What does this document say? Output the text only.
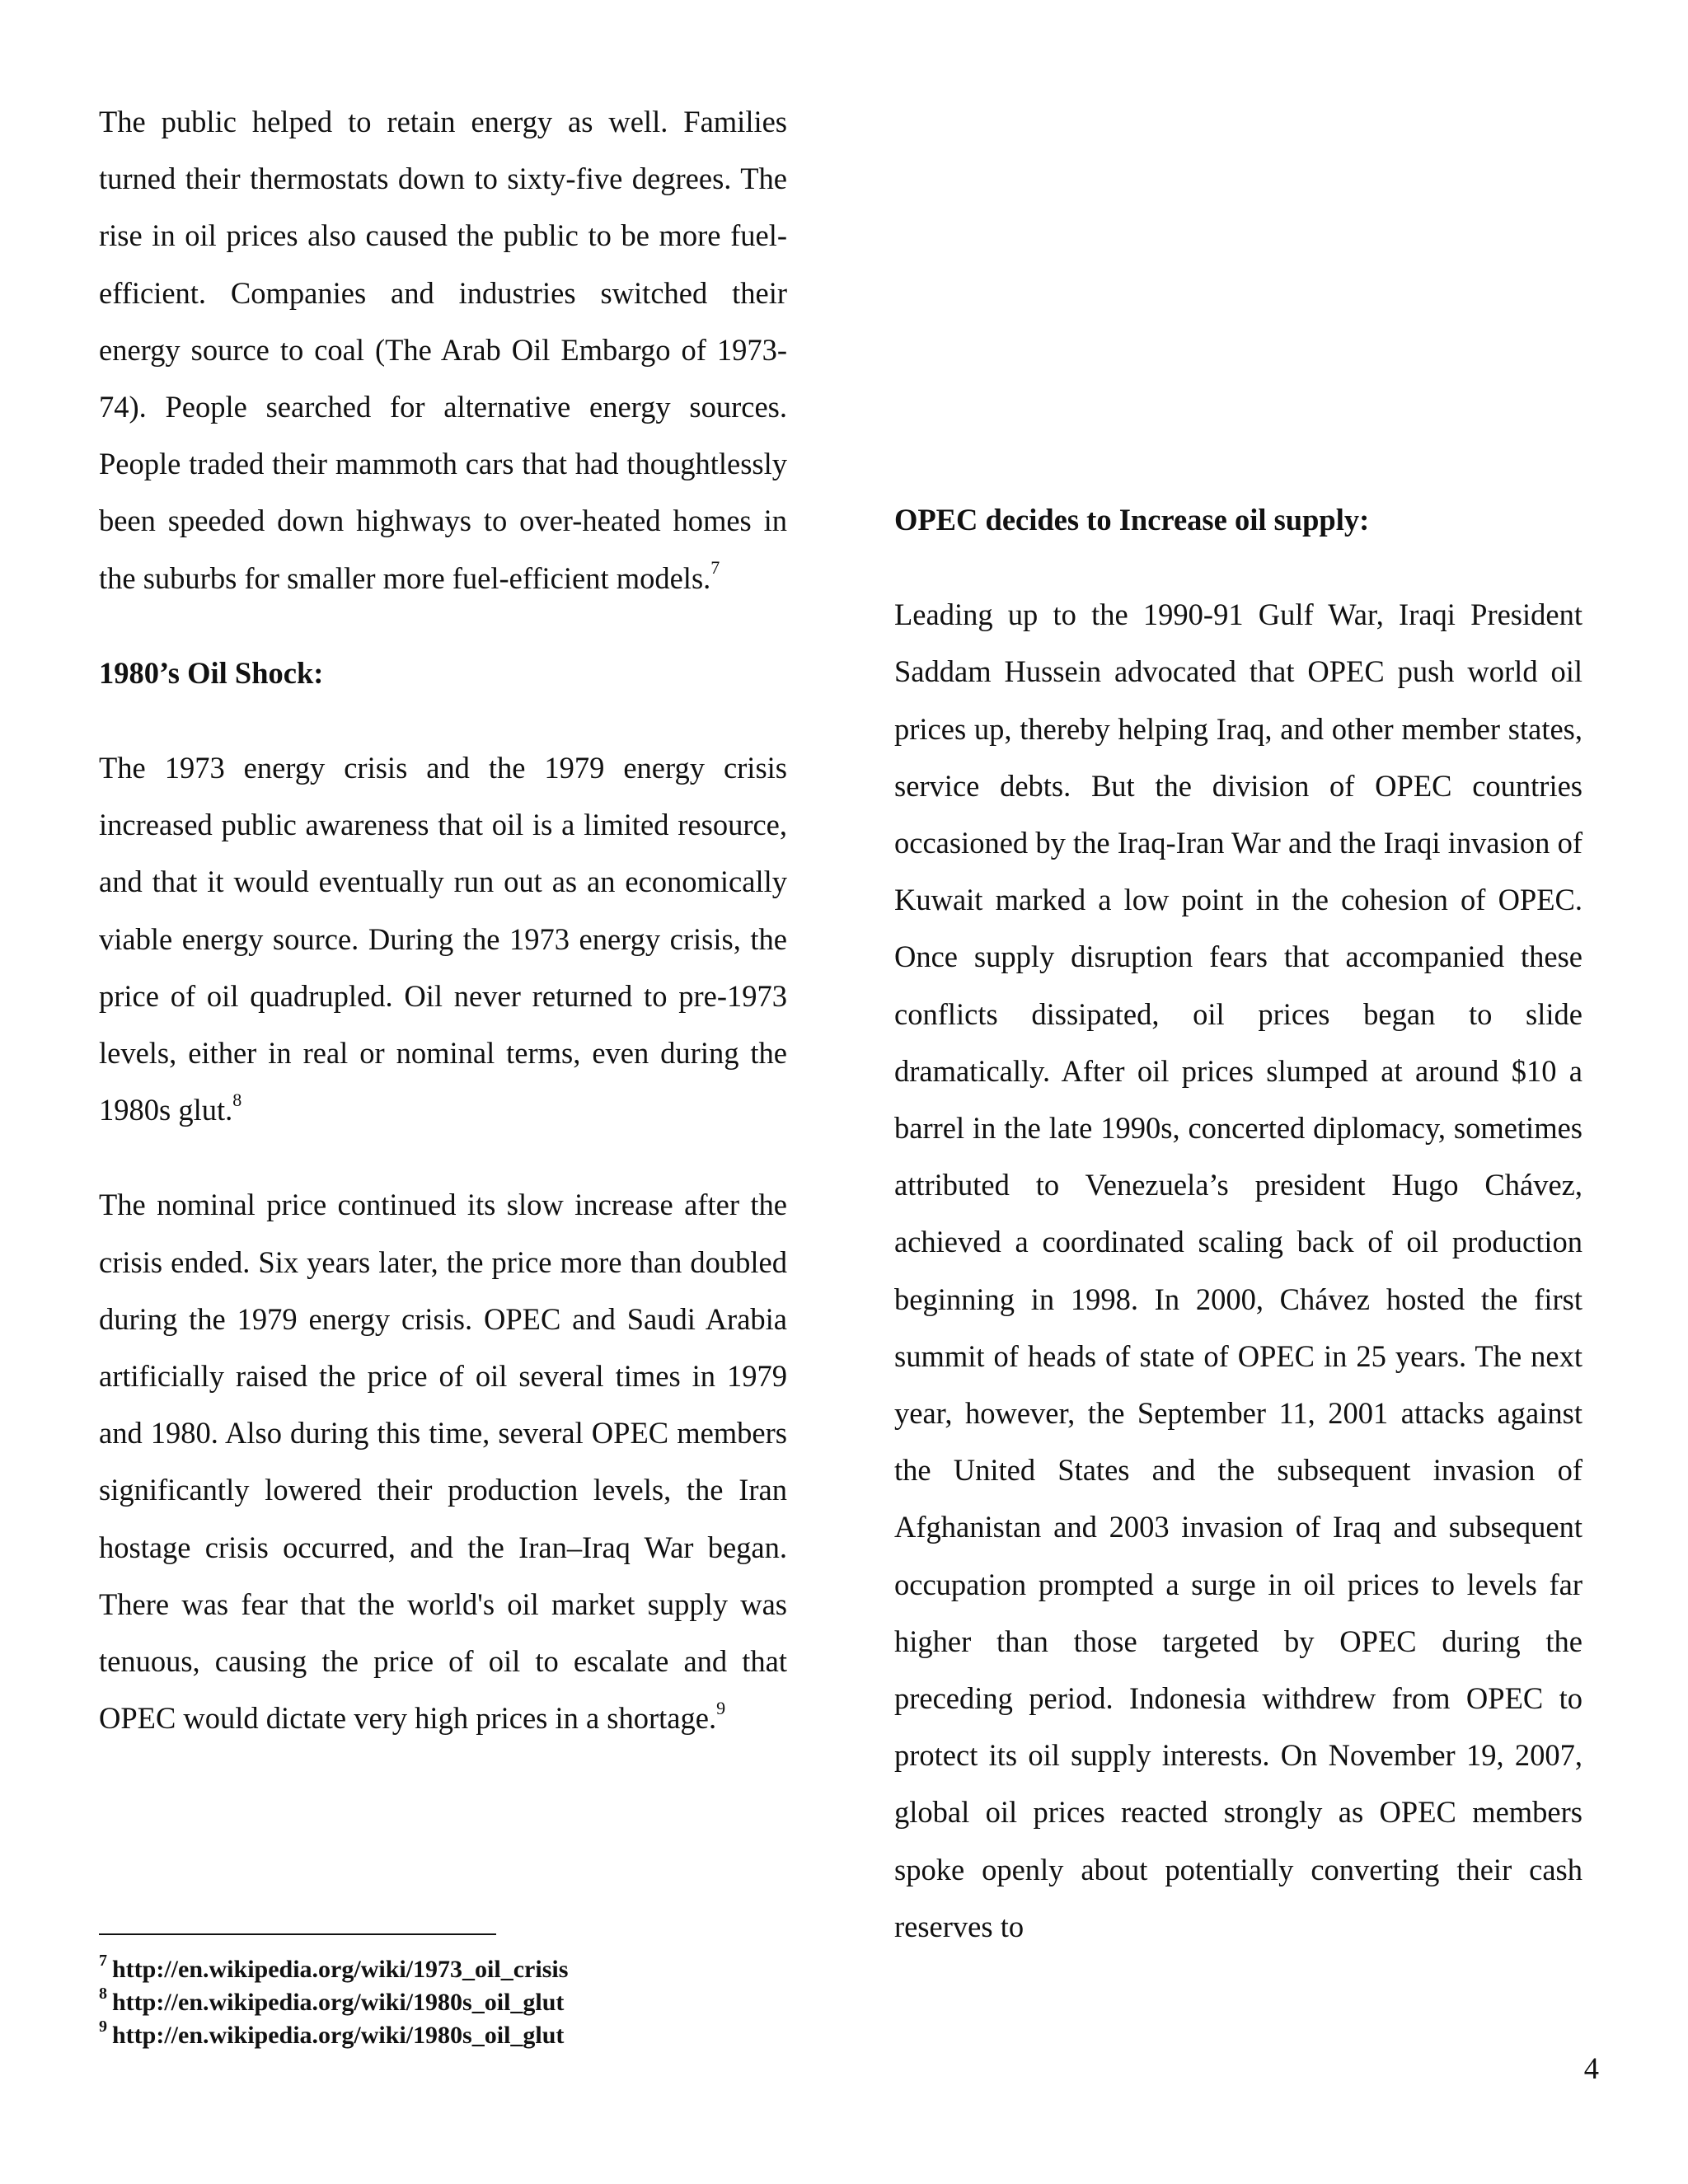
The public helped to retain energy as well. Families turned their thermostats down to sixty-five degrees. The rise in oil prices also caused the public to be more fuel-efficient. Companies and industries switched their energy source to coal (The Arab Oil Embargo of 1973-74). People searched for alternative energy sources. People traded their mammoth cars that had thoughtlessly been speeded down highways to over-heated homes in the suburbs for smaller more fuel-efficient models.$^7$

1980’s Oil Shock:

The 1973 energy crisis and the 1979 energy crisis increased public awareness that oil is a limited resource, and that it would eventually run out as an economically viable energy source. During the 1973 energy crisis, the price of oil quadrupled. Oil never returned to pre-1973 levels, either in real or nominal terms, even during the 1980s glut.$^8$

The nominal price continued its slow increase after the crisis ended. Six years later, the price more than doubled during the 1979 energy crisis. OPEC and Saudi Arabia artificially raised the price of oil several times in 1979 and 1980. Also during this time, several OPEC members significantly lowered their production levels, the Iran hostage crisis occurred, and the Iran–Iraq War began. There was fear that the world's oil market supply was tenuous, causing the price of oil to escalate and that OPEC would dictate very high prices in a shortage.$^9$

OPEC decides to Increase oil supply:

Leading up to the 1990-91 Gulf War, Iraqi President Saddam Hussein advocated that OPEC push world oil prices up, thereby helping Iraq, and other member states, service debts. But the division of OPEC countries occasioned by the Iraq-Iran War and the Iraqi invasion of Kuwait marked a low point in the cohesion of OPEC. Once supply disruption fears that accompanied these conflicts dissipated, oil prices began to slide dramatically. After oil prices slumped at around $10 a barrel in the late 1990s, concerted diplomacy, sometimes attributed to Venezuela’s president Hugo Chávez, achieved a coordinated scaling back of oil production beginning in 1998. In 2000, Chávez hosted the first summit of heads of state of OPEC in 25 years. The next year, however, the September 11, 2001 attacks against the United States and the subsequent invasion of Afghanistan and 2003 invasion of Iraq and subsequent occupation prompted a surge in oil prices to levels far higher than those targeted by OPEC during the preceding period. Indonesia withdrew from OPEC to protect its oil supply interests. On November 19, 2007, global oil prices reacted strongly as OPEC members spoke openly about potentially converting their cash reserves to

$^7$ http://en.wikipedia.org/wiki/1973_oil_crisis
$^8$ http://en.wikipedia.org/wiki/1980s_oil_glut
$^9$ http://en.wikipedia.org/wiki/1980s_oil_glut
4
